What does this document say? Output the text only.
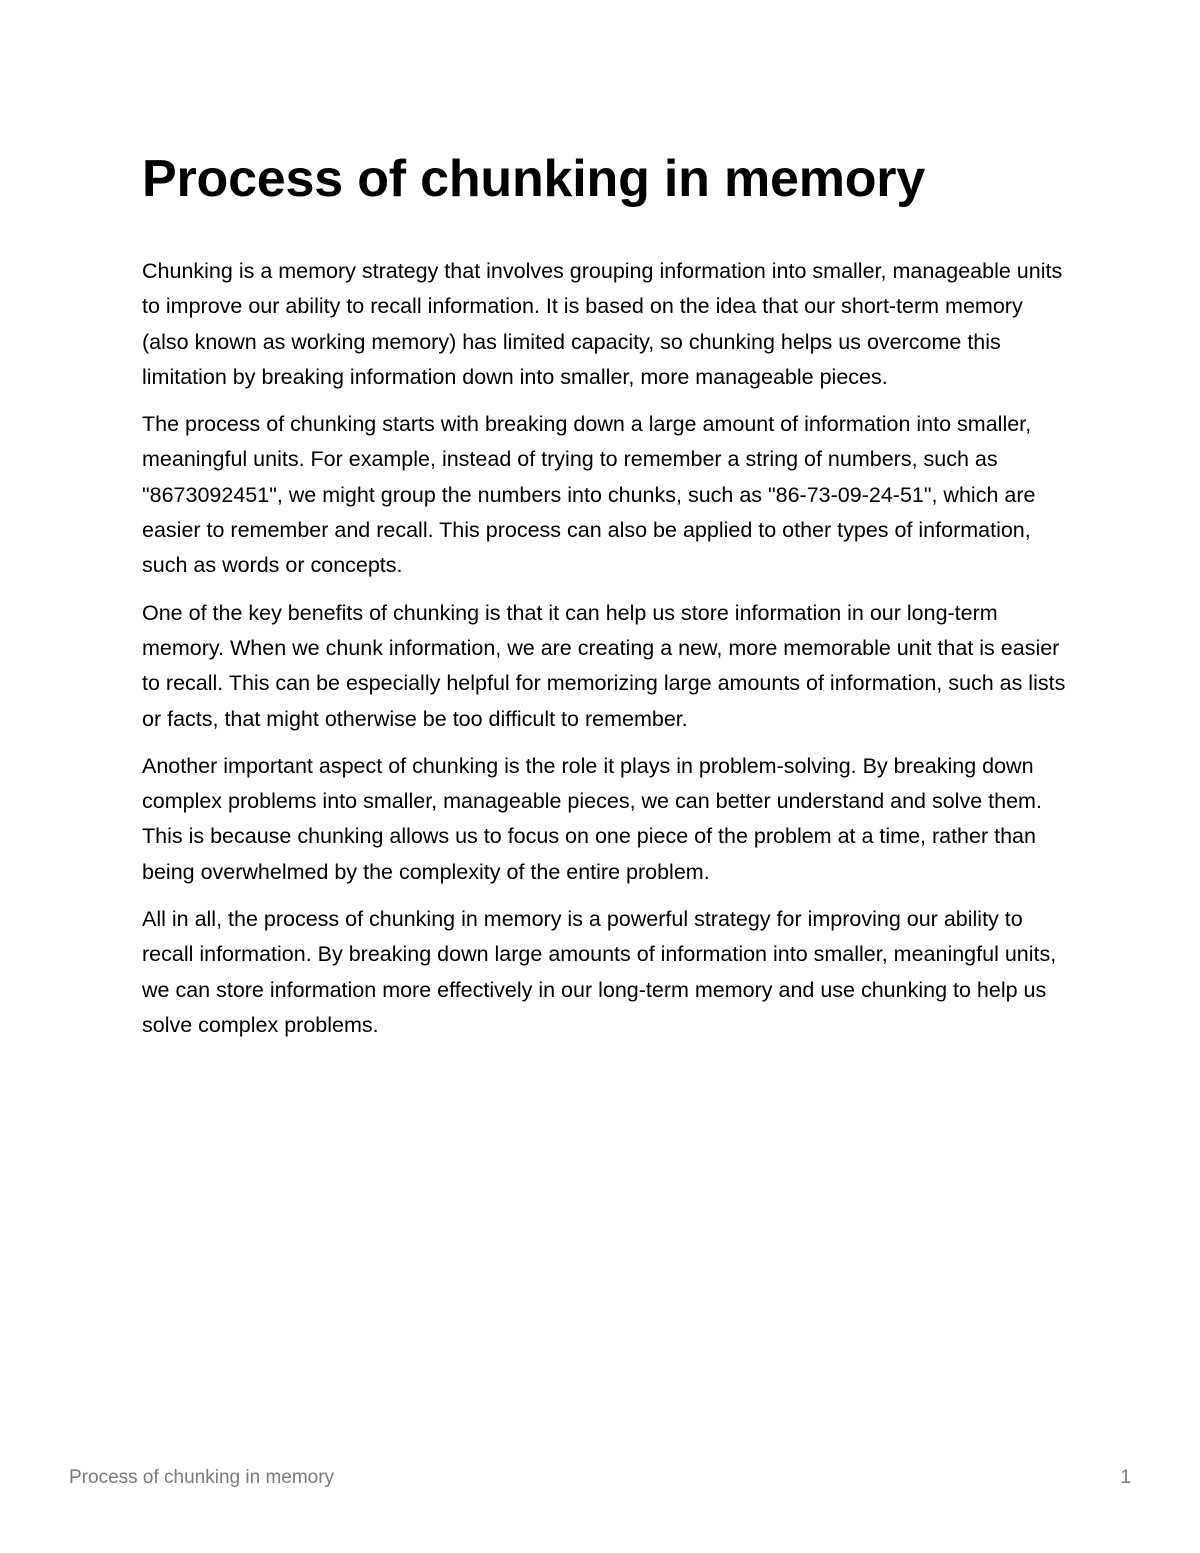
Process of chunking in memory

Chunking is a memory strategy that involves grouping information into smaller, manageable units to improve our ability to recall information. It is based on the idea that our short-term memory (also known as working memory) has limited capacity, so chunking helps us overcome this limitation by breaking information down into smaller, more manageable pieces.

The process of chunking starts with breaking down a large amount of information into smaller, meaningful units. For example, instead of trying to remember a string of numbers, such as "8673092451", we might group the numbers into chunks, such as "86-73-09-24-51", which are easier to remember and recall. This process can also be applied to other types of information, such as words or concepts.

One of the key benefits of chunking is that it can help us store information in our long-term memory. When we chunk information, we are creating a new, more memorable unit that is easier to recall. This can be especially helpful for memorizing large amounts of information, such as lists or facts, that might otherwise be too difficult to remember.

Another important aspect of chunking is the role it plays in problem-solving. By breaking down complex problems into smaller, manageable pieces, we can better understand and solve them. This is because chunking allows us to focus on one piece of the problem at a time, rather than being overwhelmed by the complexity of the entire problem.

All in all, the process of chunking in memory is a powerful strategy for improving our ability to recall information. By breaking down large amounts of information into smaller, meaningful units, we can store information more effectively in our long-term memory and use chunking to help us solve complex problems.

Process of chunking in memory	1
